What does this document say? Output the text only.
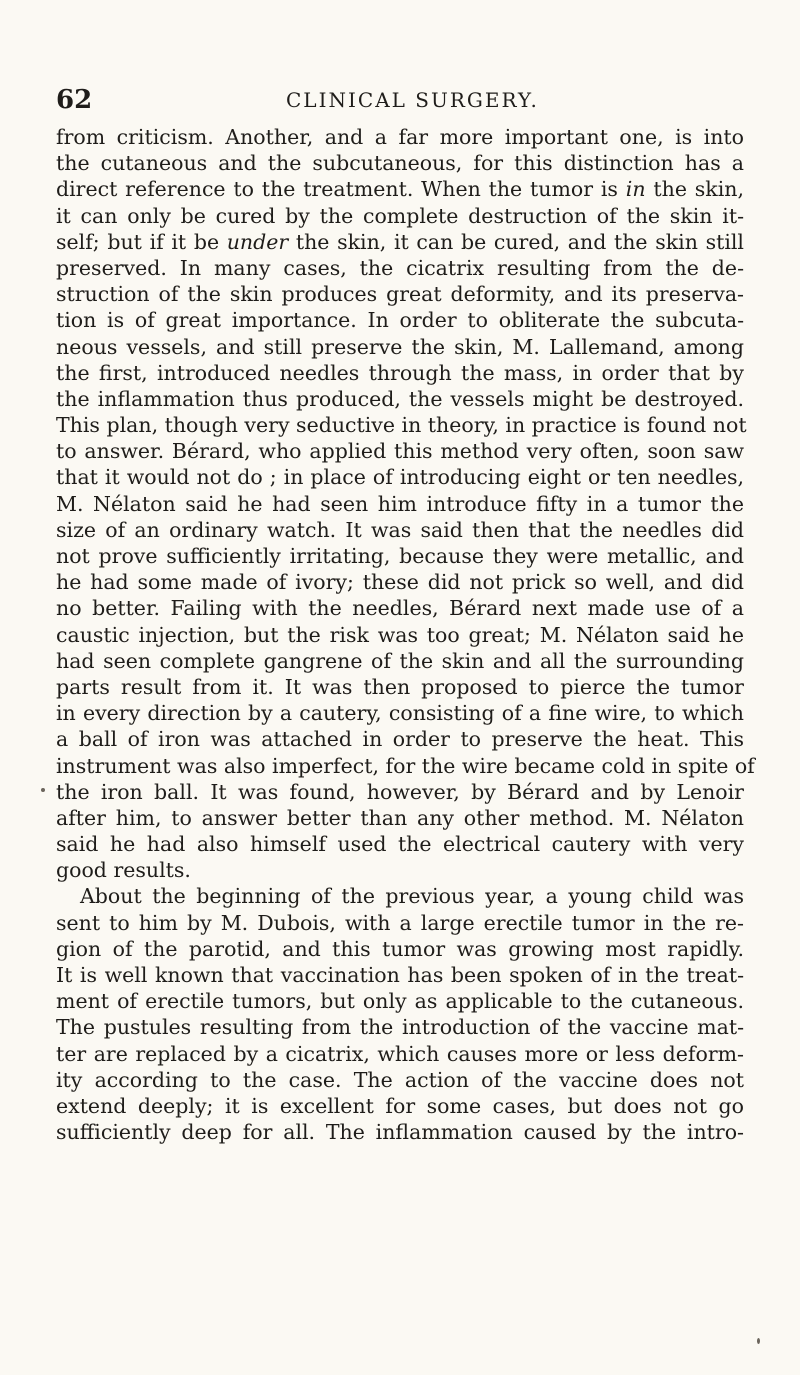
62	CLINICAL SURGERY.
from criticism. Another, and a far more important one, is into
the cutaneous and the subcutaneous, for this distinction has a
direct reference to the treatment. When the tumor is in the skin,
it can only be cured by the complete destruction of the skin it-
self; but if it be under the skin, it can be cured, and the skin still
preserved. In many cases, the cicatrix resulting from the de-
struction of the skin produces great deformity, and its preserva-
tion is of great importance. In order to obliterate the subcuta-
neous vessels, and still preserve the skin, M. Lallemand, among
the first, introduced needles through the mass, in order that by
the inflammation thus produced, the vessels might be destroyed.
This plan, though very seductive in theory, in practice is found not
to answer. Bérard, who applied this method very often, soon saw
that it would not do ; in place of introducing eight or ten needles,
M. Nélaton said he had seen him introduce fifty in a tumor the
size of an ordinary watch. It was said then that the needles did
not prove sufficiently irritating, because they were metallic, and
he had some made of ivory; these did not prick so well, and did
no better. Failing with the needles, Bérard next made use of a
caustic injection, but the risk was too great; M. Nélaton said he
had seen complete gangrene of the skin and all the surrounding
parts result from it. It was then proposed to pierce the tumor
in every direction by a cautery, consisting of a fine wire, to which
a ball of iron was attached in order to preserve the heat. This
instrument was also imperfect, for the wire became cold in spite of
the iron ball. It was found, however, by Bérard and by Lenoir
after him, to answer better than any other method. M. Nélaton
said he had also himself used the electrical cautery with very
good results.
About the beginning of the previous year, a young child was
sent to him by M. Dubois, with a large erectile tumor in the re-
gion of the parotid, and this tumor was growing most rapidly.
It is well known that vaccination has been spoken of in the treat-
ment of erectile tumors, but only as applicable to the cutaneous.
The pustules resulting from the introduction of the vaccine mat-
ter are replaced by a cicatrix, which causes more or less deform-
ity according to the case. The action of the vaccine does not
extend deeply; it is excellent for some cases, but does not go
sufficiently deep for all. The inflammation caused by the intro-
